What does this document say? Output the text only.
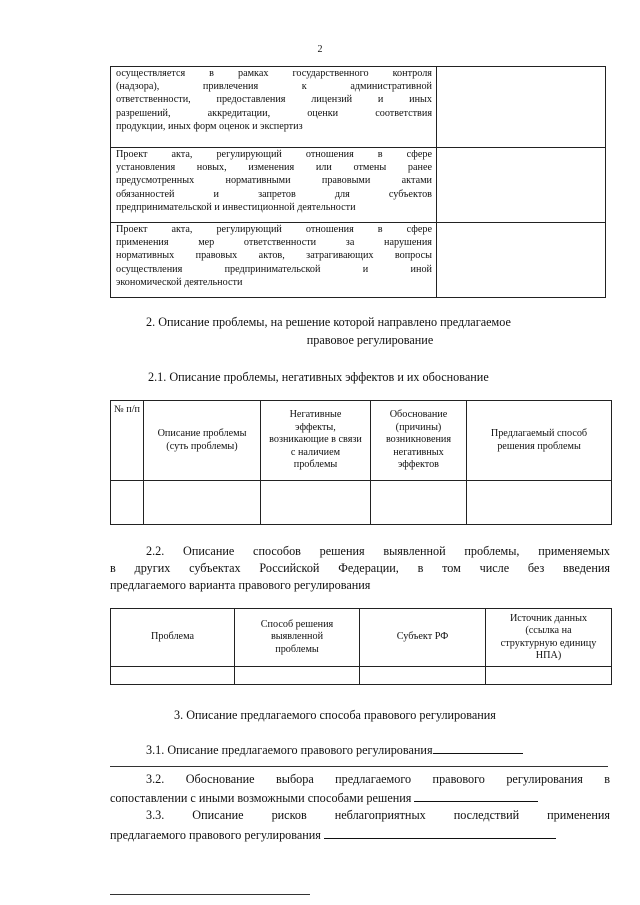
2
осуществляется в рамках государственного контроля
(надзора), привлечения к административной
ответственности, предоставления лицензий и иных
разрешений, аккредитации, оценки соответствия
продукции, иных форм оценок и экспертиз	

Проект акта, регулирующий отношения в сфере
установления новых, изменения или отмены ранее
предусмотренных нормативными правовыми актами
обязанностей и запретов для субъектов
предпринимательской и инвестиционной деятельности	

Проект акта, регулирующий отношения в сфере
применения мер ответственности за нарушения
нормативных правовых актов, затрагивающих вопросы
осуществления предпринимательской и иной
экономической деятельности	

2. Описание проблемы, на решение которой направлено предлагаемое
правовое регулирование
2.1. Описание проблемы, негативных эффектов и их обоснование
№ п/п	Описание проблемы (суть проблемы)	Негативные эффекты, возникающие в связи с наличием проблемы	Обоснование (причины) возникновения негативных эффектов	Предлагаемый способ решения проблемы

2.2. Описание способов решения выявленной проблемы, применяемых
в других субъектах Российской Федерации, в том числе без введения
предлагаемого варианта правового регулирования
Проблема	Способ решения выявленной проблемы	Субъект РФ	Источник данных (ссылка на структурную единицу НПА)

3. Описание предлагаемого способа правового регулирования
3.1. Описание предлагаемого правового регулирования
3.2. Обоснование выбора предлагаемого правового регулирования в
сопоставлении с иными возможными способами решения
3.3. Описание рисков неблагоприятных последствий применения
предлагаемого правового регулирования
